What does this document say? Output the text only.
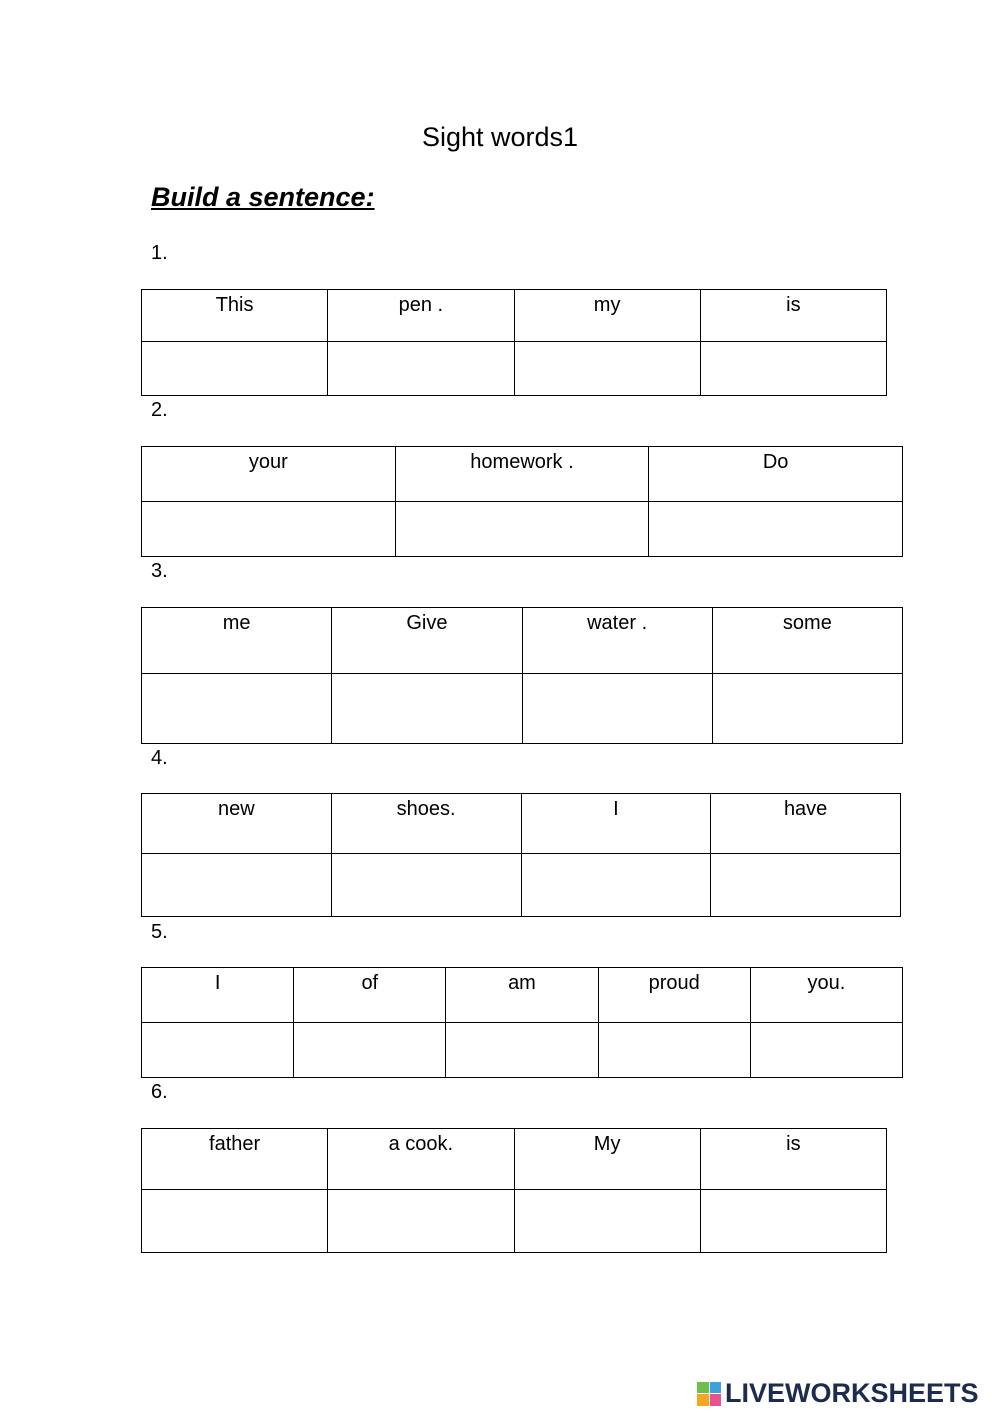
Sight words1
Build a sentence:
1.
This	pen .	my	is

2.
your	homework .	Do

3.
me	Give	water .	some

4.
new	shoes.	I	have

5.
I	of	am	proud	you.

6.
father	a cook.	My	is

LIVEWORKSHEETS
